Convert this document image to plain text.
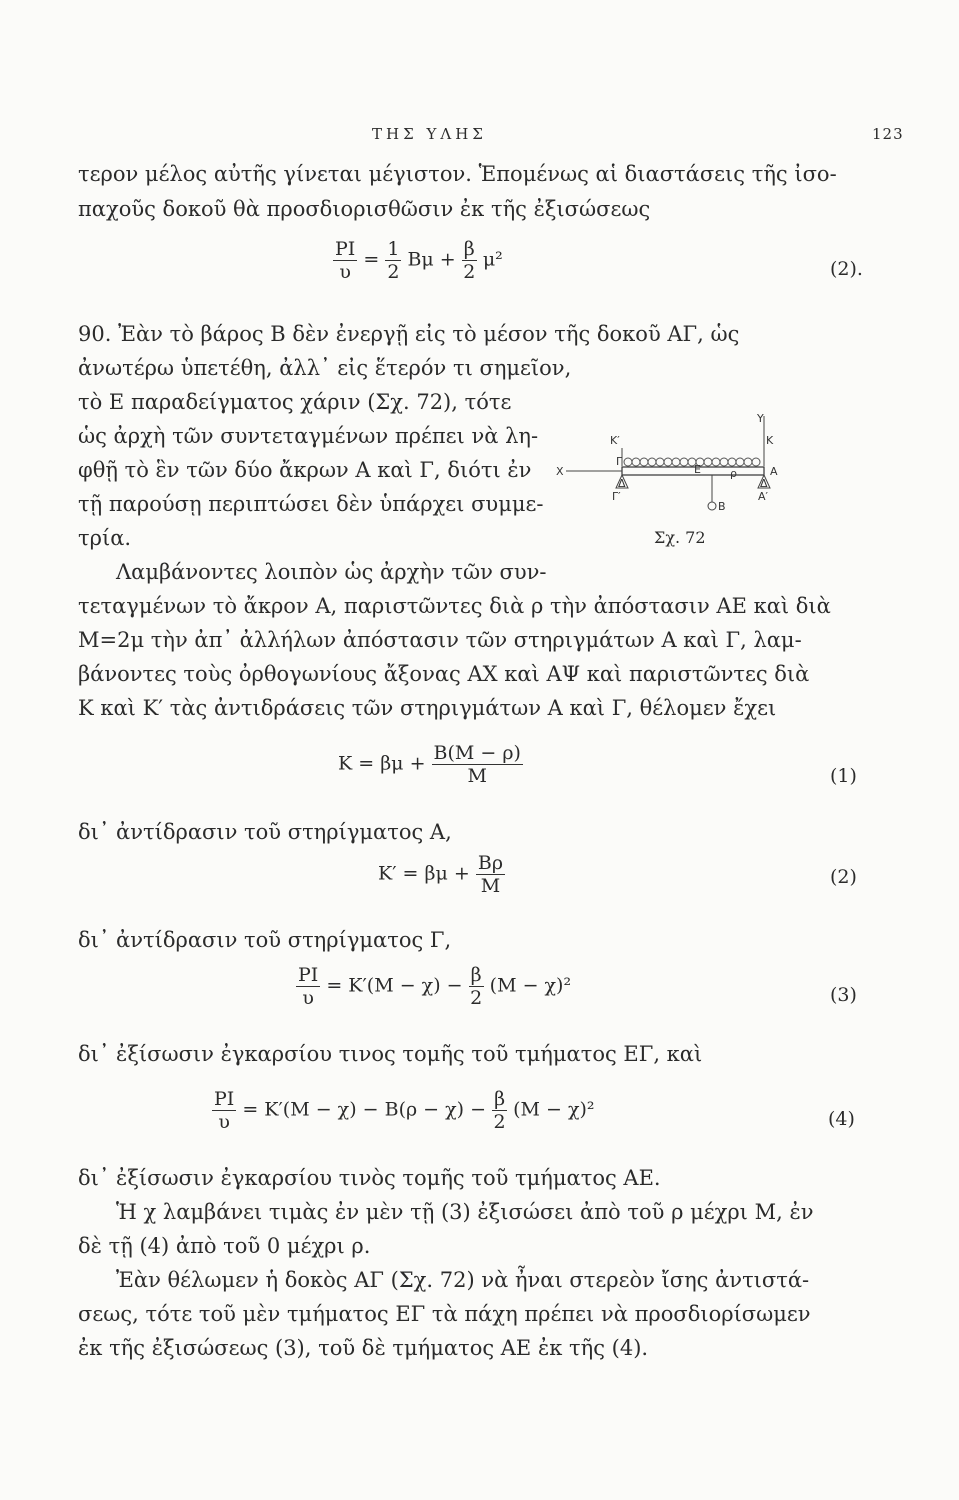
ΤΗΣ ΥΛΗΣ	123
τερον μέλος αὐτῆς γίνεται μέγιστον. Ἑπομένως αἱ διαστάσεις τῆς ἰσο-
παχοῦς δοκοῦ θὰ προσδιορισθῶσιν ἐκ τῆς ἐξισώσεως
$\frac{PI}{\upsilon} = \frac{1}{2}$ $B\mu + \frac{\beta}{2} \mu^2$	(2).
90. Ἐὰν τὸ βάρος Β δὲν ἐνεργῇ εἰς τὸ μέσον τῆς δοκοῦ ΑΓ, ὡς
ἀνωτέρω ὑπετέθη, ἀλλ᾽ εἰς ἕτερόν τι σημεῖον,
τὸ Ε παραδείγματος χάριν (Σχ. 72), τότε
ὡς ἀρχὴ τῶν συντεταγμένων πρέπει νὰ λη-
φθῇ τὸ ἓν τῶν δύο ἄκρων Α καὶ Γ, διότι ἐν
τῇ παρούσῃ περιπτώσει δὲν ὑπάρχει συμμε-
τρία.
Y
Κ′	Κ
Χ
Γ
Ε	ρ	Α
Δ	Δ
Γ′	Α′
Β
Σχ. 72
Λαμβάνοντες λοιπὸν ὡς ἀρχὴν τῶν συν-
τεταγμένων τὸ ἄκρον Α, παριστῶντες διὰ ρ τὴν ἀπόστασιν ΑΕ καὶ διὰ
Μ=2μ τὴν ἀπ᾽ ἀλλήλων ἀπόστασιν τῶν στηριγμάτων Α καὶ Γ, λαμ-
βάνοντες τοὺς ὀρθογωνίους ἄξονας ΑΧ καὶ ΑΨ καὶ παριστῶντες διὰ
Κ καὶ Κ′ τὰς ἀντιδράσεις τῶν στηριγμάτων Α καὶ Γ, θέλομεν ἔχει
$K = \beta\mu + \frac{B(M - \rho)}{M}$	(1)
δι᾽ ἀντίδρασιν τοῦ στηρίγματος Α,
$K' = \beta\mu + \frac{B\rho}{M}$	(2)
δι᾽ ἀντίδρασιν τοῦ στηρίγματος Γ,
$\frac{PI}{\upsilon} = K'(M - \chi) - \frac{\beta}{2} (M - \chi)^2$	(3)
δι᾽ ἐξίσωσιν ἐγκαρσίου τινος τομῆς τοῦ τμήματος ΕΓ, καὶ
$\frac{PI}{\upsilon} = K'(M - \chi) - B(\rho - \chi) - \frac{\beta}{2} (M - \chi)^2$	(4)
δι᾽ ἐξίσωσιν ἐγκαρσίου τινὸς τομῆς τοῦ τμήματος ΑΕ.
Ἡ χ λαμβάνει τιμὰς ἐν μὲν τῇ (3) ἐξισώσει ἀπὸ τοῦ ρ μέχρι Μ, ἐν
δὲ τῇ (4) ἀπὸ τοῦ 0 μέχρι ρ.
Ἐὰν θέλωμεν ἡ δοκὸς ΑΓ (Σχ. 72) νὰ ἦναι στερεὸν ἴσης ἀντιστά-
σεως, τότε τοῦ μὲν τμήματος ΕΓ τὰ πάχη πρέπει νὰ προσδιορίσωμεν
ἐκ τῆς ἐξισώσεως (3), τοῦ δὲ τμήματος ΑΕ ἐκ τῆς (4).
